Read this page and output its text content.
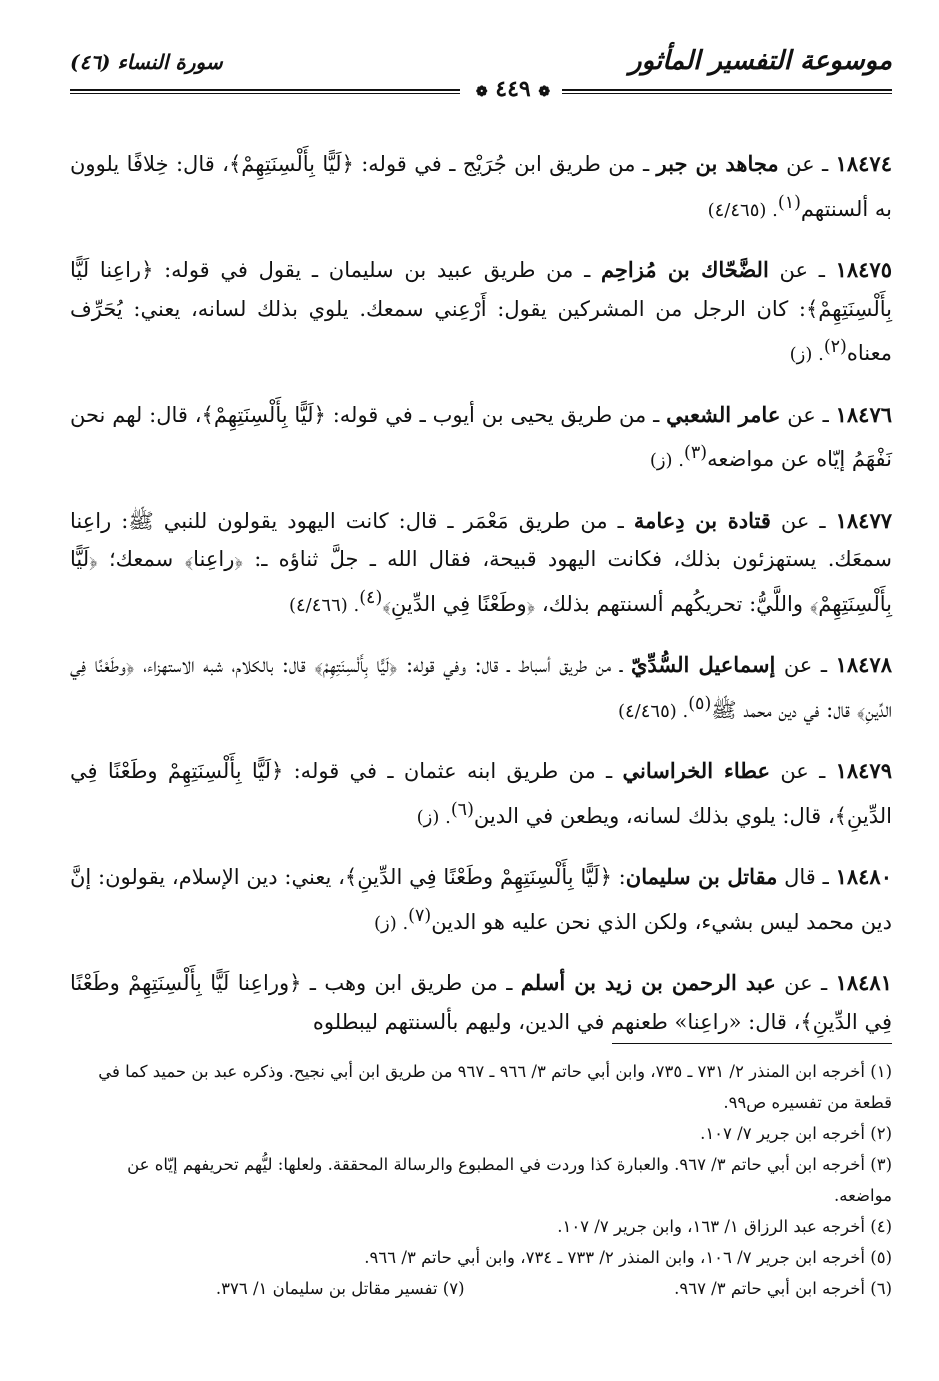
موسوعة التفسير المأثور
سورة النساء (٤٦)
❁ ٤٤٩ ❁

١٨٤٧٤ ـ عن مجاهد بن جبر ـ من طريق ابن جُرَيْج ـ في قوله: ﴿لَيًّا بِأَلْسِنَتِهِمْ﴾، قال: خِلافًا يلوون به ألسنتهم$^{(١)}$. (٤/٤٦٥)

١٨٤٧٥ ـ عن الضَّحّاك بن مُزاحِم ـ من طريق عبيد بن سليمان ـ يقول في قوله: ﴿راعِنا لَيًّا بِأَلْسِنَتِهِمْ﴾: كان الرجل من المشركين يقول: أَرْعِني سمعك. يلوي بذلك لسانه، يعني: يُحَرِّف معناه$^{(٢)}$. (ز)

١٨٤٧٦ ـ عن عامر الشعبي ـ من طريق يحيى بن أيوب ـ في قوله: ﴿لَيًّا بِأَلْسِنَتِهِمْ﴾، قال: لهم نحن نَفْهَمُ إيّاه عن مواضعه$^{(٣)}$. (ز)

١٨٤٧٧ ـ عن قتادة بن دِعامة ـ من طريق مَعْمَر ـ قال: كانت اليهود يقولون للنبي ﷺ: راعِنا سمعَك. يستهزئون بذلك، فكانت اليهود قبيحة، فقال الله ـ جلَّ ثناؤه ـ: ﴿راعِنا﴾ سمعك؛ ﴿لَيًّا بِأَلْسِنَتِهِمْ﴾ واللَّيُّ: تحريكُهم ألسنتهم بذلك، ﴿وطَعْنًا فِي الدِّينِ﴾$^{(٤)}$. (٤/٤٦٦)

١٨٤٧٨ ـ عن إسماعيل السُّدِّيّ ـ من طريق أسباط ـ قال: وفي قوله: ﴿لَيًّا بِأَلْسِنَتِهِمْ﴾ قال: بالكلام، شبه الاستهزاء، ﴿وطَعْنًا فِي الدِّينِ﴾ قال: في دين محمد ﷺ$^{(٥)}$. (٤/٤٦٥)

١٨٤٧٩ ـ عن عطاء الخراساني ـ من طريق ابنه عثمان ـ في قوله: ﴿لَيًّا بِأَلْسِنَتِهِمْ وطَعْنًا فِي الدِّينِ﴾، قال: يلوي بذلك لسانه، ويطعن في الدين$^{(٦)}$. (ز)

١٨٤٨٠ ـ قال مقاتل بن سليمان: ﴿لَيًّا بِأَلْسِنَتِهِمْ وطَعْنًا فِي الدِّينِ﴾، يعني: دين الإسلام، يقولون: إنَّ دين محمد ليس بشيء، ولكن الذي نحن عليه هو الدين$^{(٧)}$. (ز)

١٨٤٨١ ـ عن عبد الرحمن بن زيد بن أسلم ـ من طريق ابن وهب ـ ﴿وراعِنا لَيًّا بِأَلْسِنَتِهِمْ وطَعْنًا فِي الدِّينِ﴾، قال: «راعِنا» طعنهم في الدين، وليهم بألسنتهم ليبطلوه

(١) أخرجه ابن المنذر ٢/ ٧٣١ ـ ٧٣٥، وابن أبي حاتم ٣/ ٩٦٦ ـ ٩٦٧ من طريق ابن أبي نجيح. وذكره عبد بن حميد كما في قطعة من تفسيره ص٩٩.

(٢) أخرجه ابن جرير ٧/ ١٠٧.

(٣) أخرجه ابن أبي حاتم ٣/ ٩٦٧. والعبارة كذا وردت في المطبوع والرسالة المحققة. ولعلها: ليُّهم تحريفهم إيّاه عن مواضعه.

(٤) أخرجه عبد الرزاق ١/ ١٦٣، وابن جرير ٧/ ١٠٧.

(٥) أخرجه ابن جرير ٧/ ١٠٦، وابن المنذر ٢/ ٧٣٣ ـ ٧٣٤، وابن أبي حاتم ٣/ ٩٦٦.

(٦) أخرجه ابن أبي حاتم ٣/ ٩٦٧.

(٧) تفسير مقاتل بن سليمان ١/ ٣٧٦.
